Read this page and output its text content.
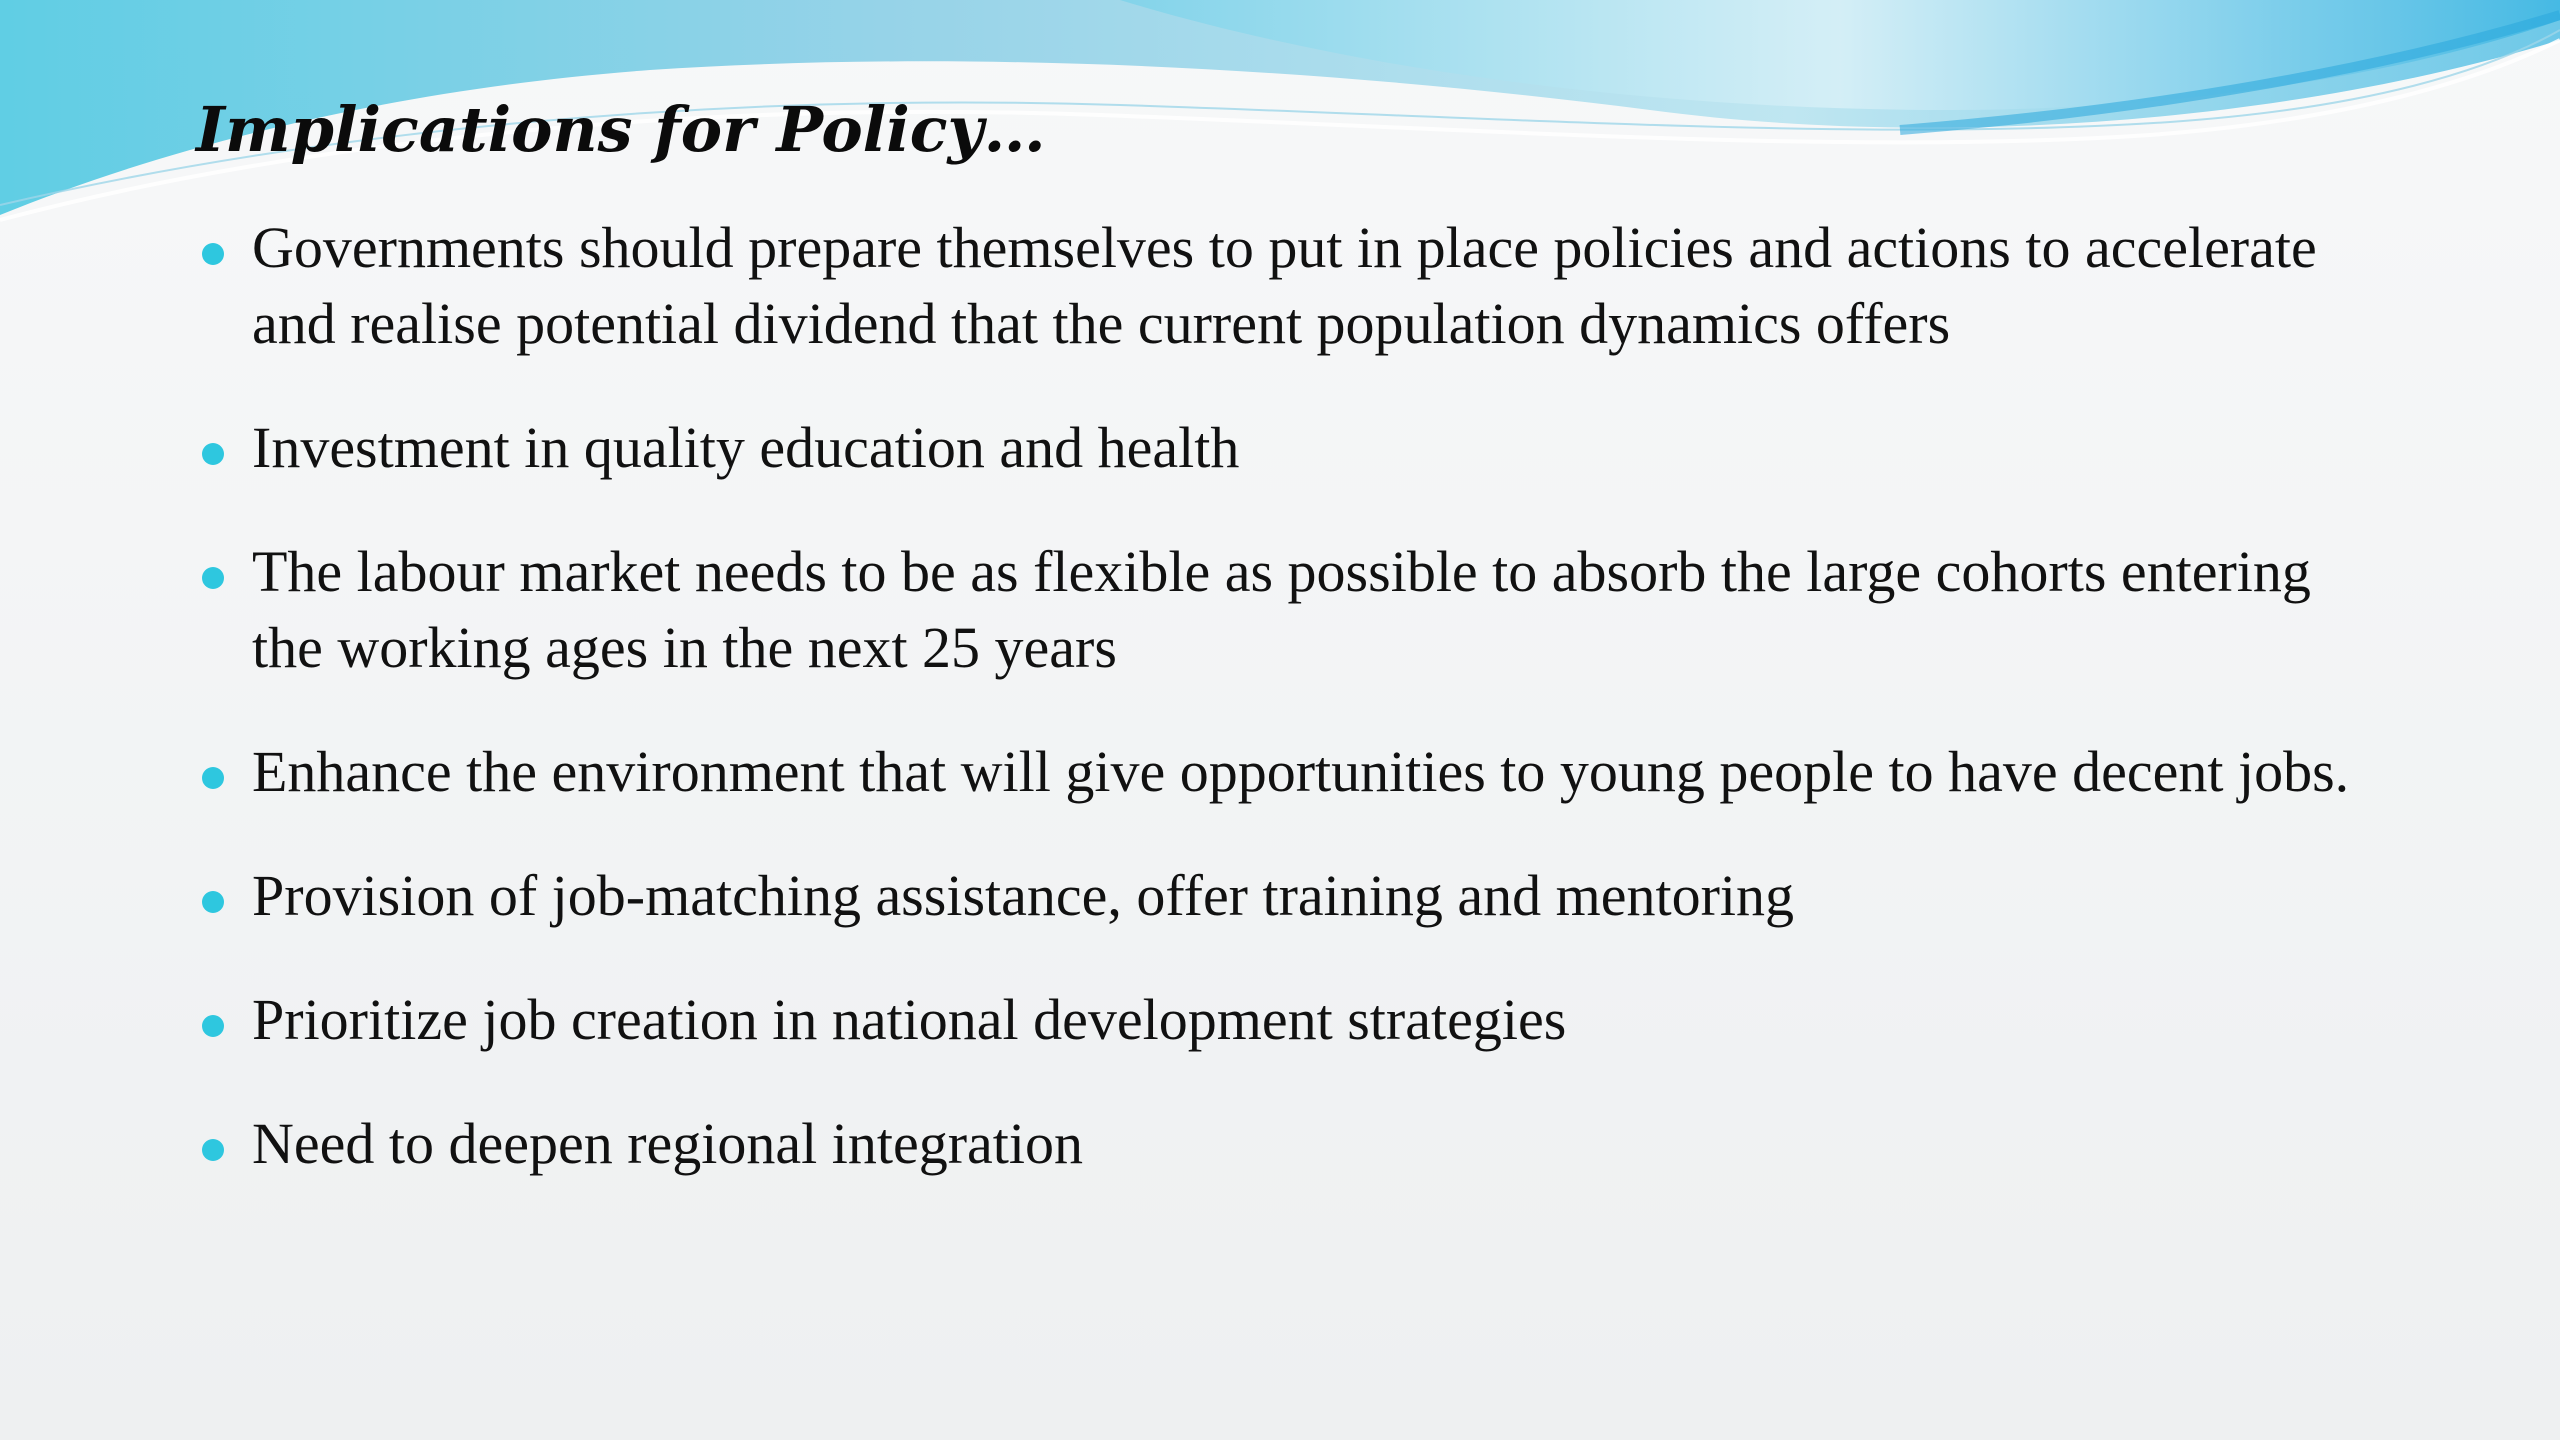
Implications for Policy…
Governments should prepare themselves to put in place policies and actions to accelerate and realise potential dividend that the current population dynamics offers
Investment in quality education and health
The labour market needs to be as flexible as possible to absorb the large cohorts entering the working ages in the next 25 years
Enhance the environment that will give opportunities to young people to have decent jobs.
Provision of job-matching assistance, offer training and mentoring
Prioritize job creation in national development strategies
Need to deepen regional integration
